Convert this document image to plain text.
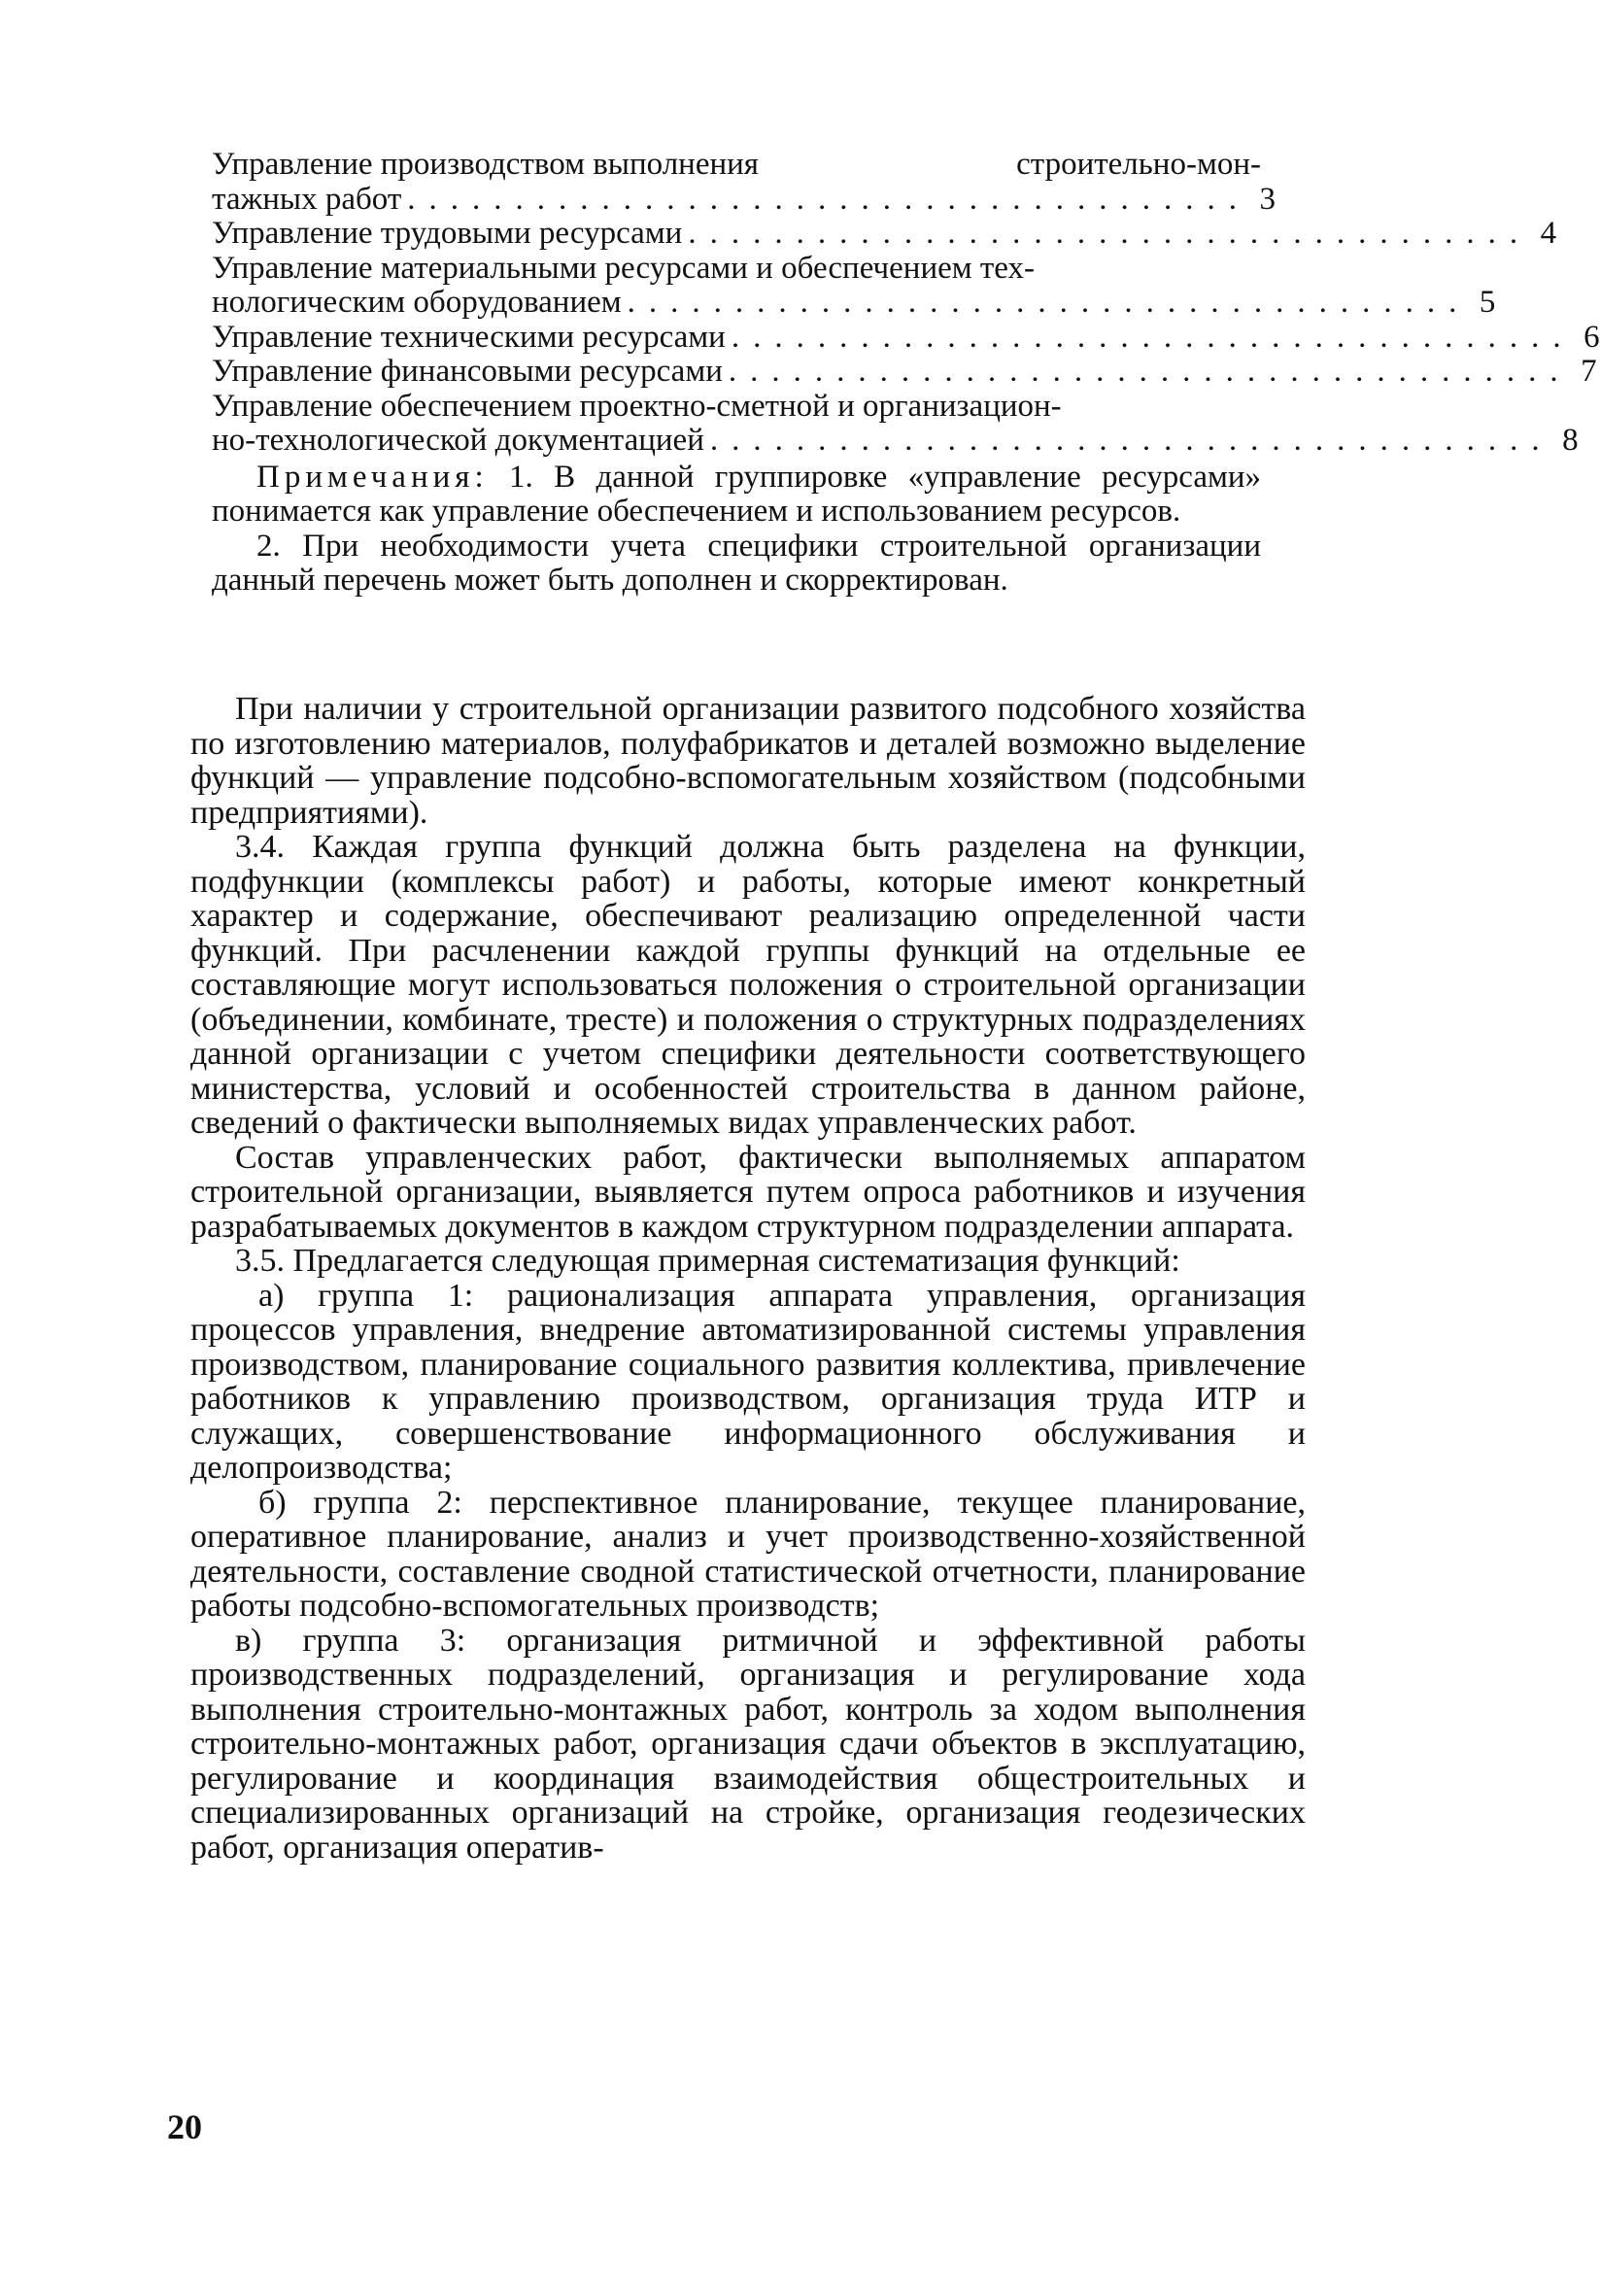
Управление производством выполнения	строительно-мон-
тажных работ ....................................... 3
Управление трудовыми ресурсами ....................................... 4
Управление материальными ресурсами и обеспечением тех-
нологическим оборудованием ....................................... 5
Управление техническими ресурсами ....................................... 6
Управление финансовыми ресурсами ....................................... 7
Управление обеспечением проектно-сметной и организацион-
но-технологической документацией ....................................... 8

Примечания: 1. В данной группировке «управление ресурсами» понимается как управление обеспечением и использованием ресурсов.

2. При необходимости учета специфики строительной организации данный перечень может быть дополнен и скорректирован.

При наличии у строительной организации развитого подсобного хозяйства по изготовлению материалов, полуфабрикатов и деталей возможно выделение функций — управление подсобно-вспомогательным хозяйством (подсобными предприятиями).

3.4. Каждая группа функций должна быть разделена на функции, подфункции (комплексы работ) и работы, которые имеют конкретный характер и содержание, обеспечивают реализацию определенной части функций. При расчленении каждой группы функций на отдельные ее составляющие могут использоваться положения о строительной организации (объединении, комбинате, тресте) и положения о структурных подразделениях данной организации с учетом специфики деятельности соответствующего министерства, условий и особенностей строительства в данном районе, сведений о фактически выполняемых видах управленческих работ.

Состав управленческих работ, фактически выполняемых аппаратом строительной организации, выявляется путем опроса работников и изучения разрабатываемых документов в каждом структурном подразделении аппарата.

3.5. Предлагается следующая примерная систематизация функций:

а) группа 1: рационализация аппарата управления, организация процессов управления, внедрение автоматизированной системы управления производством, планирование социального развития коллектива, привлечение работников к управлению производством, организация труда ИТР и служащих, совершенствование информационного обслуживания и делопроизводства;

б) группа 2: перспективное планирование, текущее планирование, оперативное планирование, анализ и учет производственно-хозяйственной деятельности, составление сводной статистической отчетности, планирование работы подсобно-вспомогательных производств;

в) группа 3: организация ритмичной и эффективной работы производственных подразделений, организация и регулирование хода выполнения строительно-монтажных работ, контроль за ходом выполнения строительно-монтажных работ, организация сдачи объектов в эксплуатацию, регулирование и координация взаимодействия общестроительных и специализированных организаций на стройке, организация геодезических работ, организация оператив-

20
